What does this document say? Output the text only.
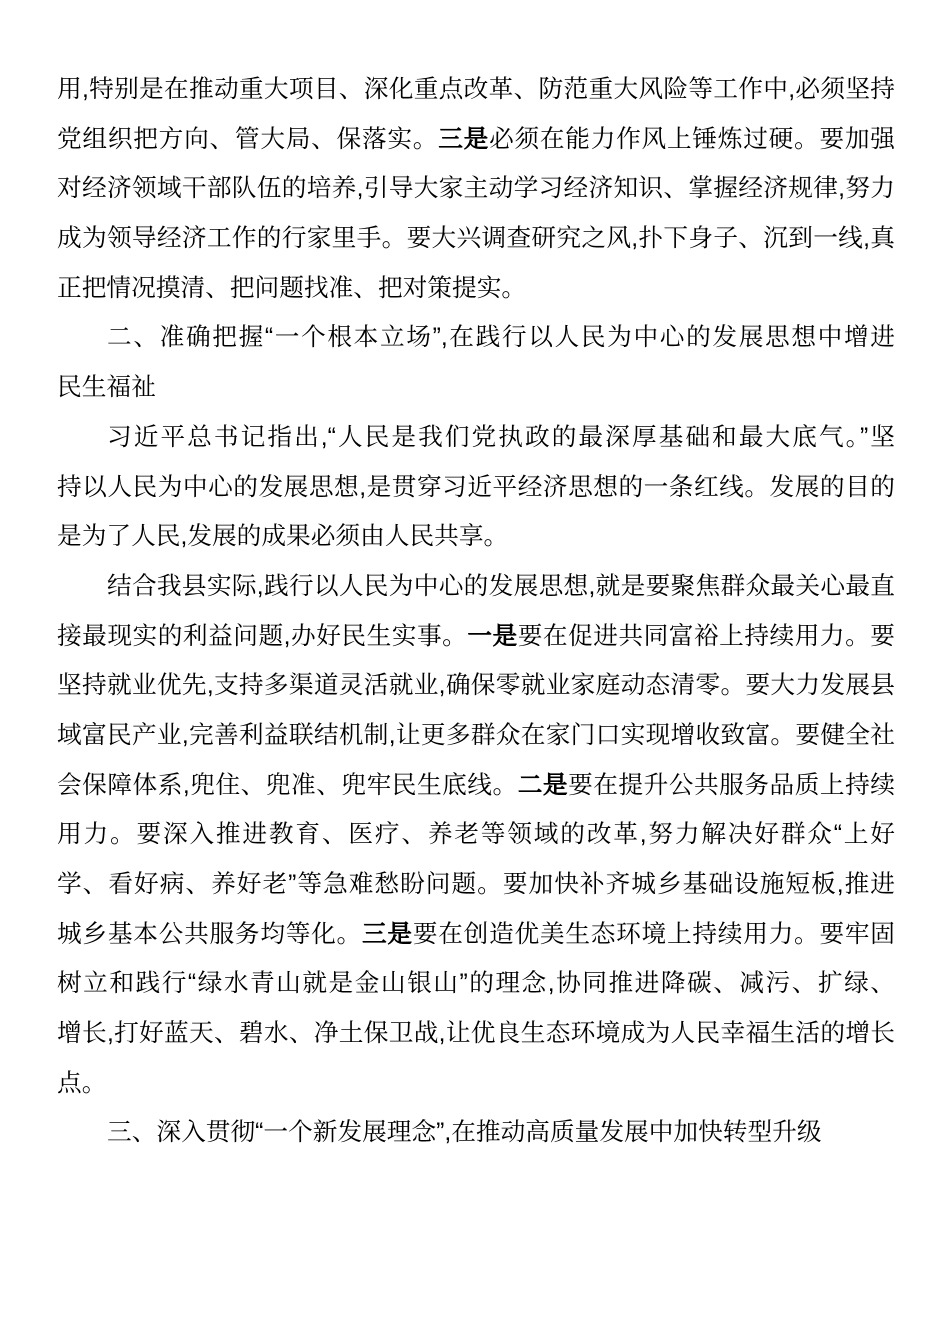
用,特别是在推动重大项目、深化重点改革、防范重大风险等工作中,必须坚持
党组织把方向、管大局、保落实。三是必须在能力作风上锤炼过硬。要加强
对经济领域干部队伍的培养,引导大家主动学习经济知识、掌握经济规律,努力
成为领导经济工作的行家里手。要大兴调查研究之风,扑下身子、沉到一线,真
正把情况摸清、把问题找准、把对策提实。
二、准确把握“一个根本立场”,在践行以人民为中心的发展思想中增进
民生福祉
习近平总书记指出,“人民是我们党执政的最深厚基础和最大底气。”坚
持以人民为中心的发展思想,是贯穿习近平经济思想的一条红线。发展的目的
是为了人民,发展的成果必须由人民共享。
结合我县实际,践行以人民为中心的发展思想,就是要聚焦群众最关心最直
接最现实的利益问题,办好民生实事。一是要在促进共同富裕上持续用力。要
坚持就业优先,支持多渠道灵活就业,确保零就业家庭动态清零。要大力发展县
域富民产业,完善利益联结机制,让更多群众在家门口实现增收致富。要健全社
会保障体系,兜住、兜准、兜牢民生底线。二是要在提升公共服务品质上持续
用力。要深入推进教育、医疗、养老等领域的改革,努力解决好群众“上好
学、看好病、养好老”等急难愁盼问题。要加快补齐城乡基础设施短板,推进
城乡基本公共服务均等化。三是要在创造优美生态环境上持续用力。要牢固
树立和践行“绿水青山就是金山银山”的理念,协同推进降碳、减污、扩绿、
增长,打好蓝天、碧水、净土保卫战,让优良生态环境成为人民幸福生活的增长
点。
三、深入贯彻“一个新发展理念”,在推动高质量发展中加快转型升级
